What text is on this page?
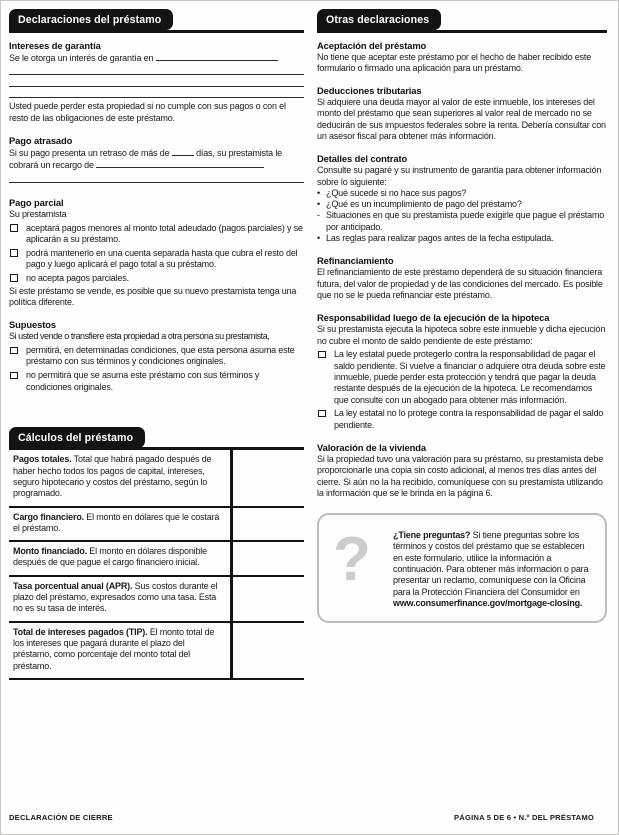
Declaraciones del préstamo
Intereses de garantía

Se le otorga un interés de garantía en

Usted puede perder esta propiedad si no cumple con sus pagos o con el resto de las obligaciones de este préstamo.

Pago atrasado

Si su pago presenta un retraso de más de	días, su prestamista le cobrará un recargo de

Pago parcial

Su prestamista

aceptará pagos menores al monto total adeudado (pagos parciales) y se aplicarán a su préstamo.
podrá mantenerlo en una cuenta separada hasta que cubra el resto del pago y luego aplicará el pago total a su préstamo.
no acepta pagos parciales.

Si este préstamo se vende, es posible que su nuevo prestamista tenga una política diferente.

Supuestos

Si usted vende o transfiere esta propiedad a otra persona su prestamista,

permitirá, en determinadas condiciones, que esta persona asuma este préstamo con sus términos y condiciones originales.
no permitirá que se asuma este préstamo con sus términos y condiciones originales.
Cálculos del préstamo
Pagos totales. Total que habrá pagado después de haber hecho todos los pagos de capital, intereses, seguro hipotecario y costos del préstamo, según lo programado.
Cargo financiero. El monto en dólares que le costará el préstamo.
Monto financiado. El monto en dólares disponible después de que pague el cargo financiero inicial.
Tasa porcentual anual (APR). Sus costos durante el plazo del préstamo, expresados como una tasa. Esta no es su tasa de interés.
Total de intereses pagados (TIP). El monto total de los intereses que pagará durante el plazo del préstamo, como porcentaje del monto total del préstamo.
Otras declaraciones
Aceptación del préstamo

No tiene que aceptar este préstamo por el hecho de haber recibido este formulario o firmado una aplicación para un préstamo.

Deducciones tributarias

Si adquiere una deuda mayor al valor de este inmueble, los intereses del monto del préstamo que sean superiores al valor real de mercado no se deducirán de sus impuestos federales sobre la renta. Debería consultar con un asesor fiscal para obtener más información.

Detalles del contrato

Consulte su pagaré y su instrumento de garantía para obtener información sobre lo siguiente:

• ¿Qué sucede si no hace sus pagos?
• ¿Qué es un incumplimiento de pago del préstamo?
- Situaciones en que su prestamista puede exigirle que pague el préstamo por anticipado.
• Las reglas para realizar pagos antes de la fecha estipulada.
Refinanciamiento

El refinanciamiento de este préstamo dependerá de su situación financiera futura, del valor de propiedad y de las condiciones del mercado. Es posible que no se le pueda refinanciar este préstamo.

Responsabilidad luego de la ejecución de la hipoteca

Si su prestamista ejecuta la hipoteca sobre este inmueble y dicha ejecución no cubre el monto de saldo pendiente de este préstamo:

La ley estatal puede protegerlo contra la responsabilidad de pagar el saldo pendiente. Si vuelve a financiar o adquiere otra deuda sobre este inmueble, puede perder esta protección y tendrá que pagar la deuda restante después de la ejecución de la hipoteca. Le recomendamos que consulte con un abogado para obtener más información.
La ley estatal no lo protege contra la responsabilidad de pagar el saldo pendiente.
Valoración de la vivienda

Si la propiedad tuvo una valoración para su préstamo, su prestamista debe proporcionarle una copia sin costo adicional, al menos tres días antes del cierre. Si aún no la ha recibido, comuníquese con su prestamista utilizando la información que se le brinda en la página 6.

?	¿Tiene preguntas? Si tiene preguntas sobre los términos y costos del préstamo que se establecen en este formulario, utilice la información a continuación. Para obtener más información o para presentar un reclamo, comuníquese con la Oficina para la Protección Financiera del Consumidor en www.consumerfinance.gov/mortgage-closing.
DECLARACIÓN DE CIERRE	PÁGINA 5 DE 6 • N.º DEL PRÉSTAMO
